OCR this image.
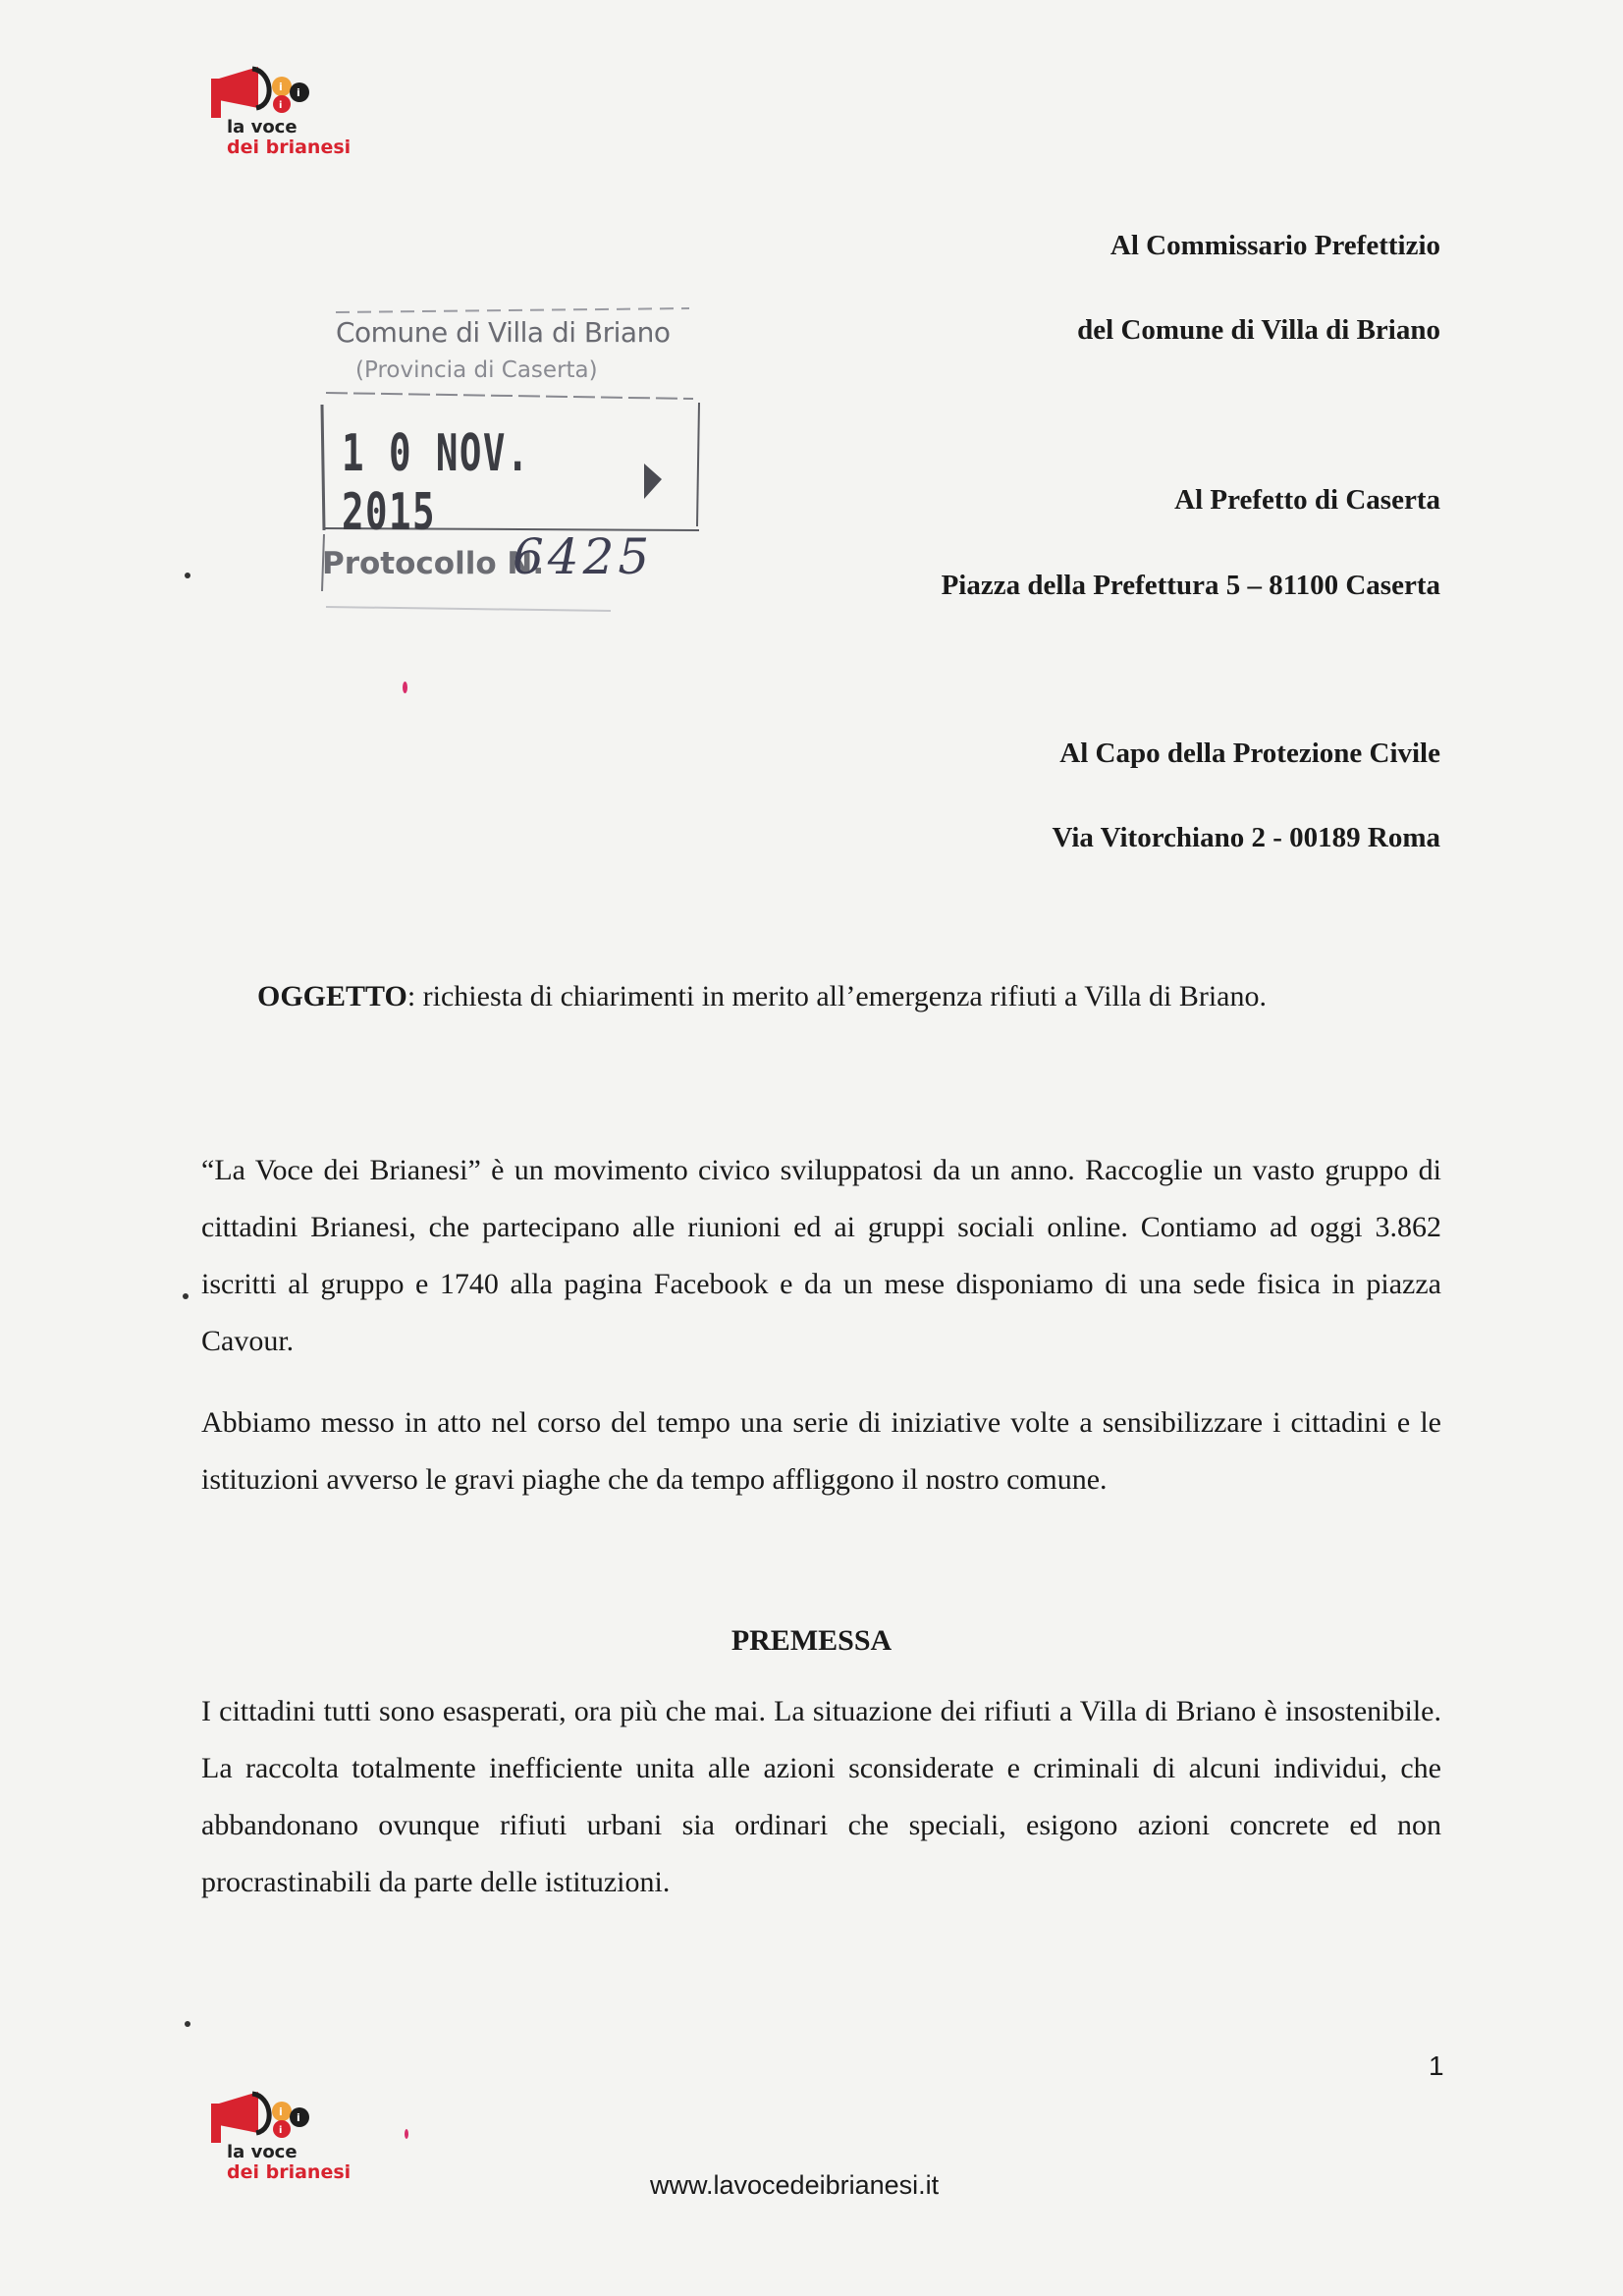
i i
i
la voce
dei brianesi
Al Commissario Prefettizio
del Comune di Villa di Briano
Al Prefetto di Caserta
Piazza della Prefettura 5 – 81100 Caserta
Al Capo della Protezione Civile
Via Vitorchiano 2 - 00189 Roma
Comune di Villa di Briano
(Provincia di Caserta)
1 0 NOV. 2015
Protocollo N.
6425
OGGETTO: richiesta di chiarimenti in merito all’emergenza rifiuti a Villa di Briano.
“La Voce dei Brianesi” è un movimento civico sviluppatosi da un anno. Raccoglie un vasto gruppo di cittadini Brianesi, che partecipano alle riunioni ed ai gruppi sociali online. Contiamo ad oggi 3.862 iscritti al gruppo e 1740 alla pagina Facebook e da un mese disponiamo di una sede fisica in piazza Cavour.
Abbiamo messo in atto nel corso del tempo una serie di iniziative volte a sensibilizzare i cittadini e le istituzioni avverso le gravi piaghe che da tempo affliggono il nostro comune.
PREMESSA
I cittadini tutti sono esasperati, ora più che mai. La situazione dei rifiuti a Villa di Briano è insostenibile. La raccolta totalmente inefficiente unita alle azioni sconsiderate e criminali di alcuni individui, che abbandonano ovunque rifiuti urbani sia ordinari che speciali, esigono azioni concrete ed non procrastinabili da parte delle istituzioni.
1
i i
i
la voce
dei brianesi	www.lavocedeibrianesi.it
